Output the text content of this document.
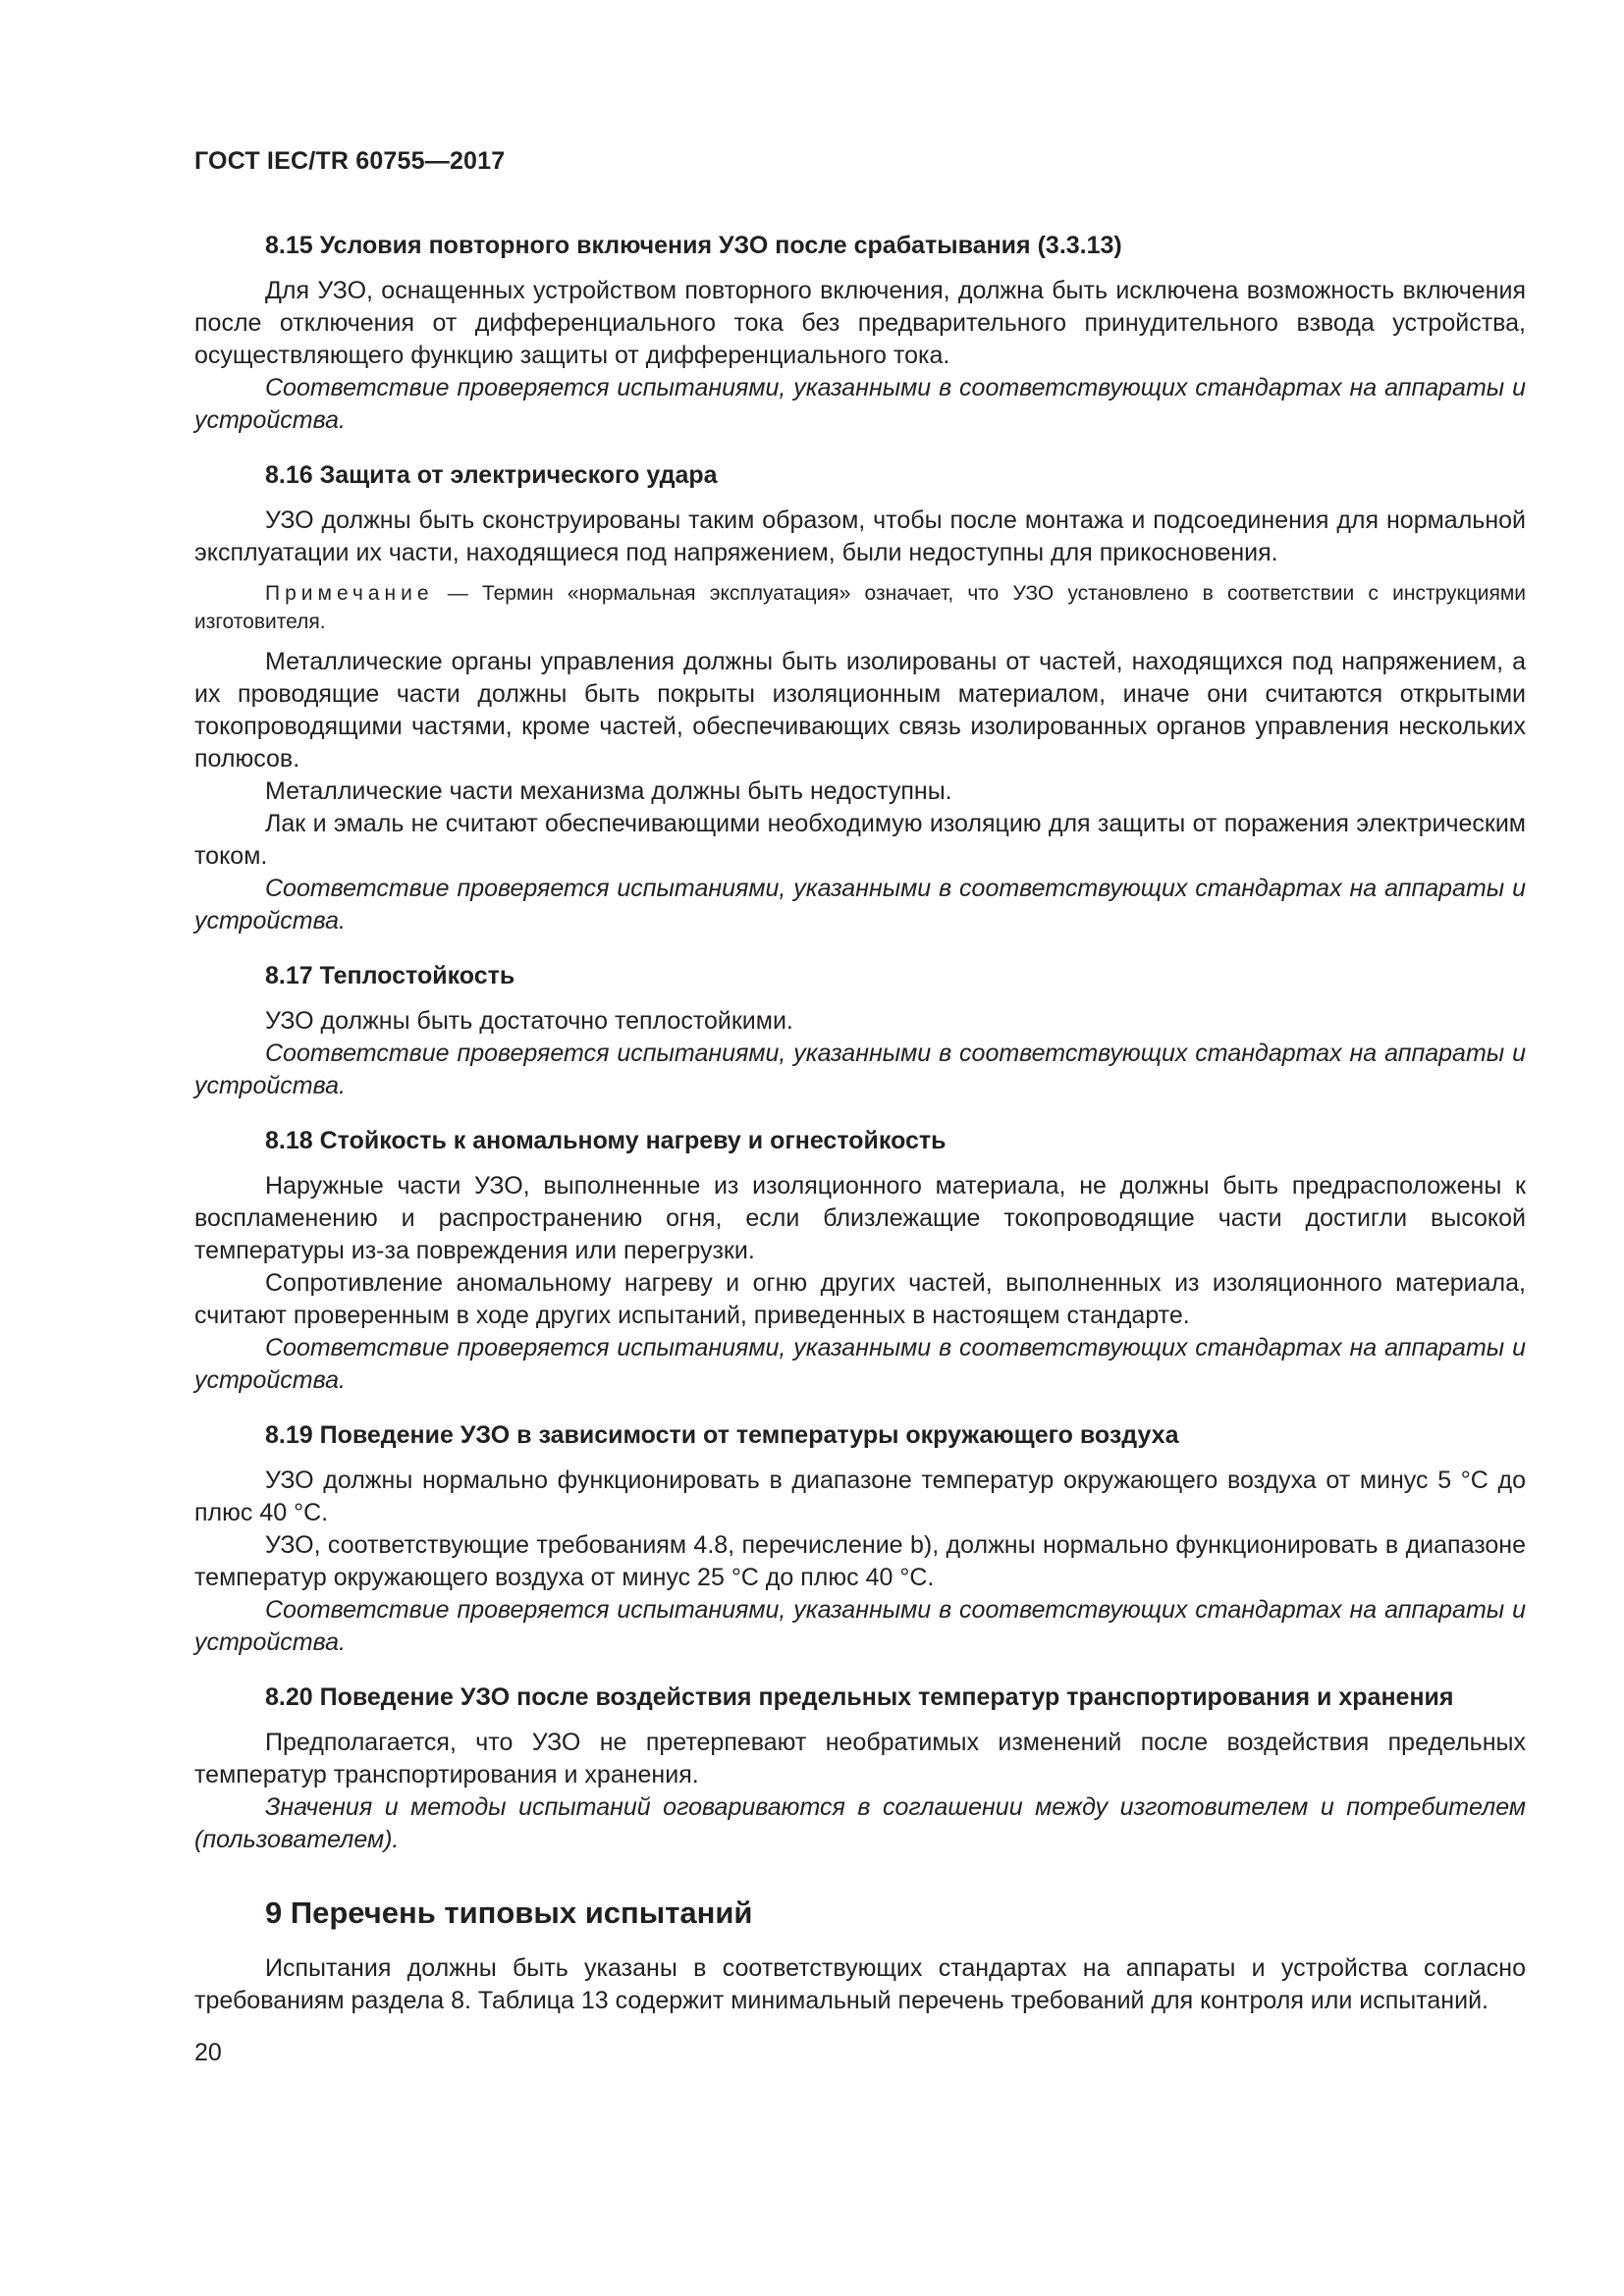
ГОСТ IEC/TR 60755—2017
8.15 Условия повторного включения УЗО после срабатывания (3.3.13)

Для УЗО, оснащенных устройством повторного включения, должна быть исключена возможность включения после отключения от дифференциального тока без предварительного принудительного взвода устройства, осуществляющего функцию защиты от дифференциального тока.

Соответствие проверяется испытаниями, указанными в соответствующих стандартах на аппараты и устройства.

8.16 Защита от электрического удара

УЗО должны быть сконструированы таким образом, чтобы после монтажа и подсоединения для нормальной эксплуатации их части, находящиеся под напряжением, были недоступны для прикосновения.

Примечание — Термин «нормальная эксплуатация» означает, что УЗО установлено в соответствии с инструкциями изготовителя.

Металлические органы управления должны быть изолированы от частей, находящихся под напряжением, а их проводящие части должны быть покрыты изоляционным материалом, иначе они считаются открытыми токопроводящими частями, кроме частей, обеспечивающих связь изолированных органов управления нескольких полюсов.

Металлические части механизма должны быть недоступны.

Лак и эмаль не считают обеспечивающими необходимую изоляцию для защиты от поражения электрическим током.

Соответствие проверяется испытаниями, указанными в соответствующих стандартах на аппараты и устройства.

8.17 Теплостойкость

УЗО должны быть достаточно теплостойкими.

Соответствие проверяется испытаниями, указанными в соответствующих стандартах на аппараты и устройства.

8.18 Стойкость к аномальному нагреву и огнестойкость

Наружные части УЗО, выполненные из изоляционного материала, не должны быть предрасположены к воспламенению и распространению огня, если близлежащие токопроводящие части достигли высокой температуры из-за повреждения или перегрузки.

Сопротивление аномальному нагреву и огню других частей, выполненных из изоляционного материала, считают проверенным в ходе других испытаний, приведенных в настоящем стандарте.

Соответствие проверяется испытаниями, указанными в соответствующих стандартах на аппараты и устройства.

8.19 Поведение УЗО в зависимости от температуры окружающего воздуха

УЗО должны нормально функционировать в диапазоне температур окружающего воздуха от минус 5 °С до плюс 40 °С.

УЗО, соответствующие требованиям 4.8, перечисление b), должны нормально функционировать в диапазоне температур окружающего воздуха от минус 25 °С до плюс 40 °С.

Соответствие проверяется испытаниями, указанными в соответствующих стандартах на аппараты и устройства.

8.20 Поведение УЗО после воздействия предельных температур транспортирования и хранения

Предполагается, что УЗО не претерпевают необратимых изменений после воздействия предельных температур транспортирования и хранения.

Значения и методы испытаний оговариваются в соглашении между изготовителем и потребителем (пользователем).

9 Перечень типовых испытаний

Испытания должны быть указаны в соответствующих стандартах на аппараты и устройства согласно требованиям раздела 8. Таблица 13 содержит минимальный перечень требований для контроля или испытаний.

20
